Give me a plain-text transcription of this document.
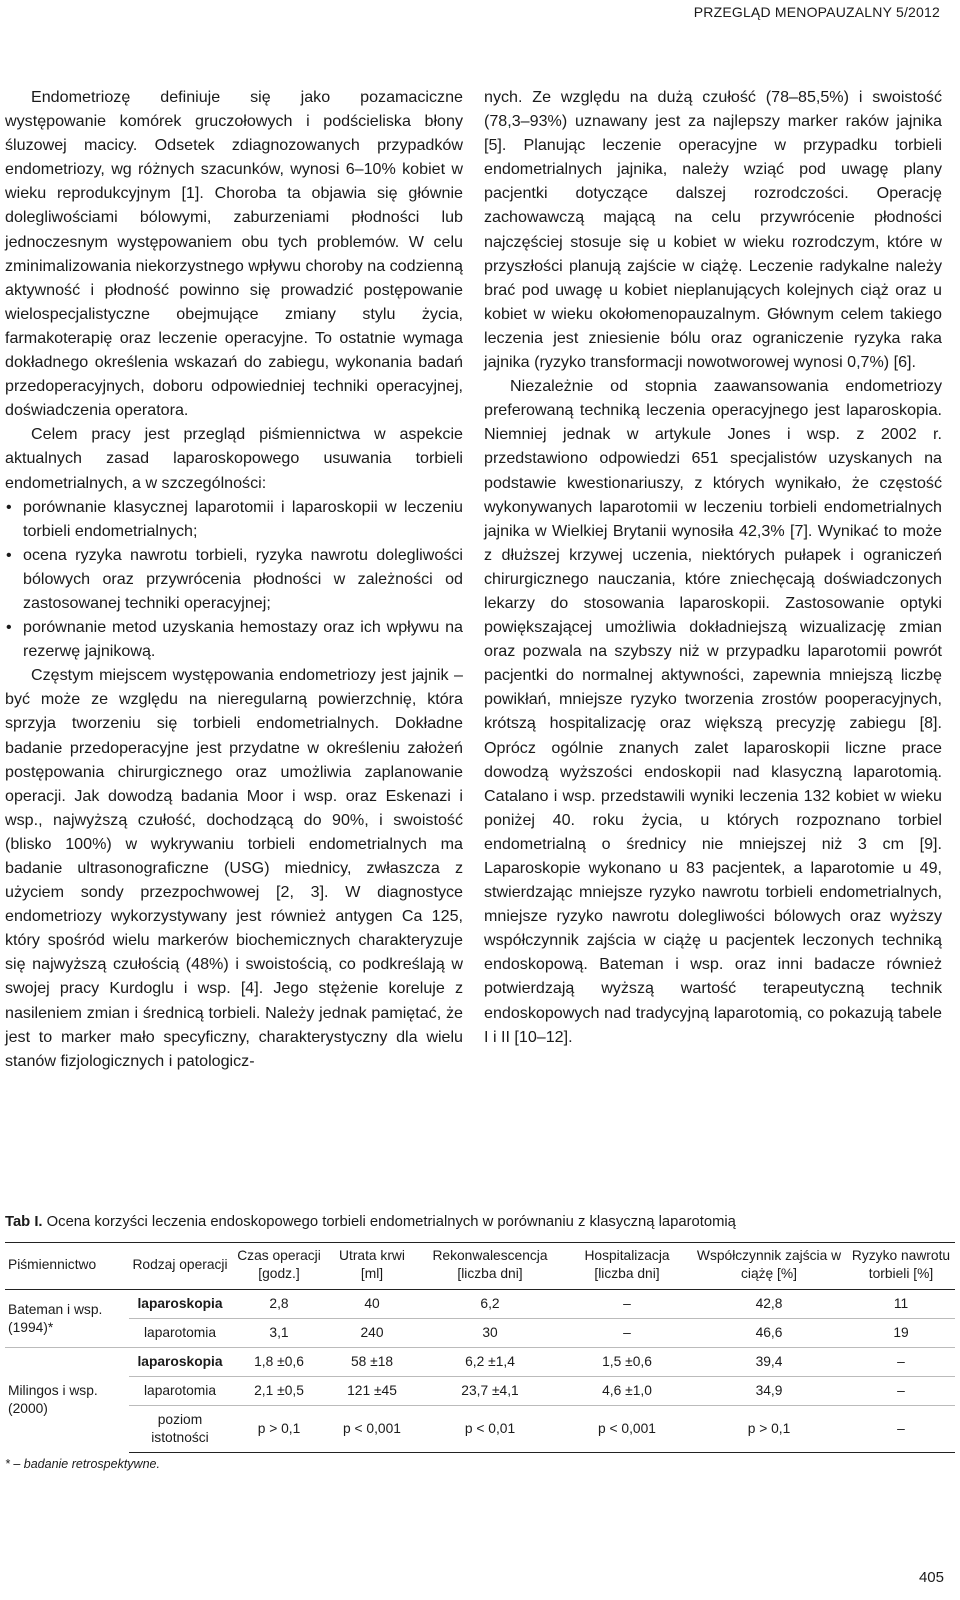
PRZEGLĄD MENOPAUZALNY 5/2012

Endometriozę definiuje się jako pozamaciczne występowanie komórek gruczołowych i podścieliska błony śluzowej macicy. Odsetek zdiagnozowanych przypadków endometriozy, wg różnych szacunków, wynosi 6–10% kobiet w wieku reprodukcyjnym [1]. Choroba ta objawia się głównie dolegliwościami bólowymi, zaburzeniami płodności lub jednoczesnym występowaniem obu tych problemów. W celu zminimalizowania niekorzystnego wpływu choroby na codzienną aktywność i płodność powinno się prowadzić postępowanie wielospecjalistyczne obejmujące zmiany stylu życia, farmakoterapię oraz leczenie operacyjne. To ostatnie wymaga dokładnego określenia wskazań do zabiegu, wykonania badań przedoperacyjnych, doboru odpowiedniej techniki operacyjnej, doświadczenia operatora.

Celem pracy jest przegląd piśmiennictwa w aspekcie aktualnych zasad laparoskopowego usuwania torbieli endometrialnych, a w szczególności:

• porównanie klasycznej laparotomii i laparoskopii w leczeniu torbieli endometrialnych;
• ocena ryzyka nawrotu torbieli, ryzyka nawrotu dolegliwości bólowych oraz przywrócenia płodności w zależności od zastosowanej techniki operacyjnej;
• porównanie metod uzyskania hemostazy oraz ich wpływu na rezerwę jajnikową.

Częstym miejscem występowania endometriozy jest jajnik – być może ze względu na nieregularną powierzchnię, która sprzyja tworzeniu się torbieli endometrialnych. Dokładne badanie przedoperacyjne jest przydatne w określeniu założeń postępowania chirurgicznego oraz umożliwia zaplanowanie operacji. Jak dowodzą badania Moor i wsp. oraz Eskenazi i wsp., najwyższą czułość, dochodzącą do 90%, i swoistość (blisko 100%) w wykrywaniu torbieli endometrialnych ma badanie ultrasonograficzne (USG) miednicy, zwłaszcza z użyciem sondy przezpochwowej [2, 3]. W diagnostyce endometriozy wykorzystywany jest również antygen Ca 125, który spośród wielu markerów biochemicznych charakteryzuje się najwyższą czułością (48%) i swoistością, co podkreślają w swojej pracy Kurdoglu i wsp. [4]. Jego stężenie koreluje z nasileniem zmian i średnicą torbieli. Należy jednak pamiętać, że jest to marker mało specyficzny, charakterystyczny dla wielu stanów fizjologicznych i patologicz-

nych. Ze względu na dużą czułość (78–85,5%) i swoistość (78,3–93%) uznawany jest za najlepszy marker raków jajnika [5]. Planując leczenie operacyjne w przypadku torbieli endometrialnych jajnika, należy wziąć pod uwagę plany pacjentki dotyczące dalszej rozrodczości. Operację zachowawczą mającą na celu przywrócenie płodności najczęściej stosuje się u kobiet w wieku rozrodczym, które w przyszłości planują zajście w ciążę. Leczenie radykalne należy brać pod uwagę u kobiet nieplanujących kolejnych ciąż oraz u kobiet w wieku okołomenopauzalnym. Głównym celem takiego leczenia jest zniesienie bólu oraz ograniczenie ryzyka raka jajnika (ryzyko transformacji nowotworowej wynosi 0,7%) [6].

Niezależnie od stopnia zaawansowania endometriozy preferowaną techniką leczenia operacyjnego jest laparoskopia. Niemniej jednak w artykule Jones i wsp. z 2002 r. przedstawiono odpowiedzi 651 specjalistów uzyskanych na podstawie kwestionariuszy, z których wynikało, że częstość wykonywanych laparotomii w leczeniu torbieli endometrialnych jajnika w Wielkiej Brytanii wynosiła 42,3% [7]. Wynikać to może z dłuższej krzywej uczenia, niektórych pułapek i ograniczeń chirurgicznego nauczania, które zniechęcają doświadczonych lekarzy do stosowania laparoskopii. Zastosowanie optyki powiększającej umożliwia dokładniejszą wizualizację zmian oraz pozwala na szybszy niż w przypadku laparotomii powrót pacjentki do normalnej aktywności, zapewnia mniejszą liczbę powikłań, mniejsze ryzyko tworzenia zrostów pooperacyjnych, krótszą hospitalizację oraz większą precyzję zabiegu [8]. Oprócz ogólnie znanych zalet laparoskopii liczne prace dowodzą wyższości endoskopii nad klasyczną laparotomią. Catalano i wsp. przedstawili wyniki leczenia 132 kobiet w wieku poniżej 40. roku życia, u których rozpoznano torbiel endometrialną o średnicy nie mniejszej niż 3 cm [9]. Laparoskopie wykonano u 83 pacjentek, a laparotomie u 49, stwierdzając mniejsze ryzyko nawrotu torbieli endometrialnych, mniejsze ryzyko nawrotu dolegliwości bólowych oraz wyższy współczynnik zajścia w ciążę u pacjentek leczonych techniką endoskopową. Bateman i wsp. oraz inni badacze również potwierdzają wyższą wartość terapeutyczną technik endoskopowych nad tradycyjną laparotomią, co pokazują tabele I i II [10–12].

Tab I. Ocena korzyści leczenia endoskopowego torbieli endometrialnych w porównaniu z klasyczną laparotomią
Piśmiennictwo	Rodzaj operacji	Czas operacji [godz.]	Utrata krwi [ml]	Rekonwalescencja [liczba dni]	Hospitalizacja [liczba dni]	Współczynnik zajścia w ciążę [%]	Ryzyko nawrotu torbieli [%]
Bateman i wsp. (1994)*	laparoskopia	2,8	40	6,2	–	42,8	11
	laparotomia	3,1	240	30	–	46,6	19
Milingos i wsp. (2000)	laparoskopia	1,8 ±0,6	58 ±18	6,2 ±1,4	1,5 ±0,6	39,4	–
	laparotomia	2,1 ±0,5	121 ±45	23,7 ±4,1	4,6 ±1,0	34,9	–
	poziom istotności	p > 0,1	p < 0,001	p < 0,01	p < 0,001	p > 0,1	–
* – badanie retrospektywne.
405
